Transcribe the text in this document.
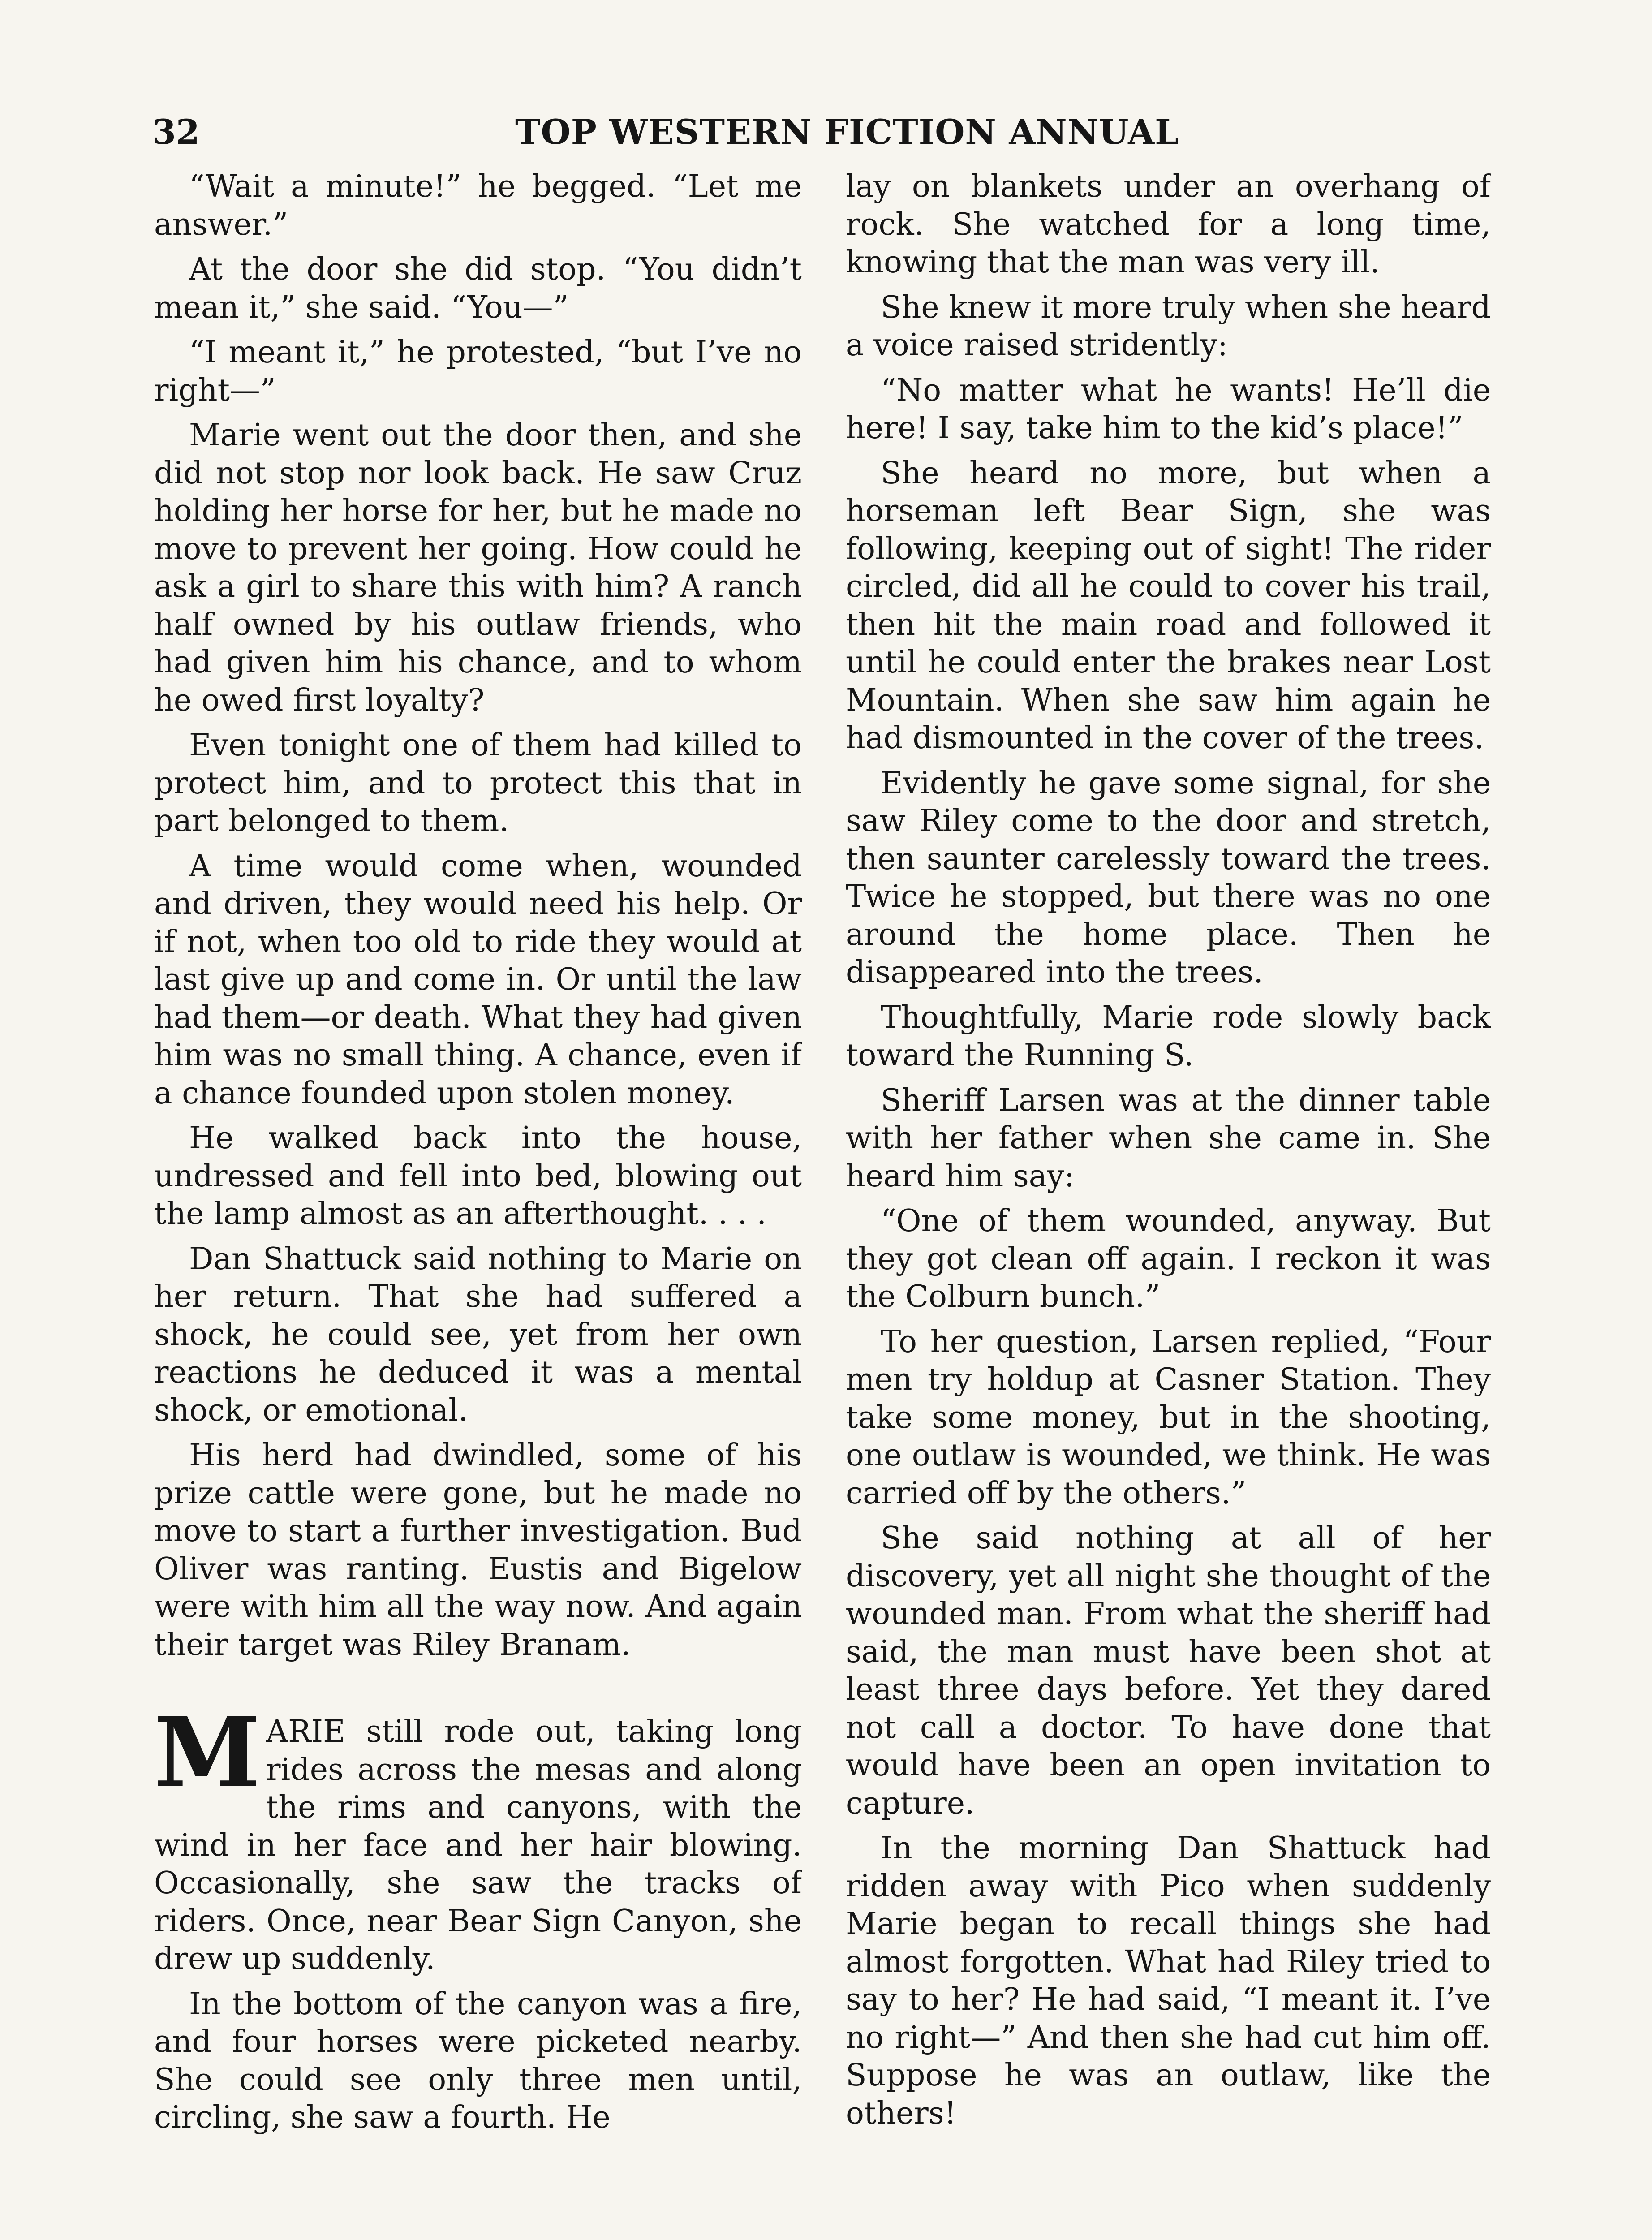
32	TOP WESTERN FICTION ANNUAL

“Wait a minute!” he begged. “Let me answer.”

At the door she did stop. “You didn’t mean it,” she said. “You—”

“I meant it,” he protested, “but I’ve no right—”

Marie went out the door then, and she did not stop nor look back. He saw Cruz holding her horse for her, but he made no move to prevent her going. How could he ask a girl to share this with him? A ranch half owned by his outlaw friends, who had given him his chance, and to whom he owed first loyalty?

Even tonight one of them had killed to protect him, and to protect this that in part belonged to them.

A time would come when, wounded and driven, they would need his help. Or if not, when too old to ride they would at last give up and come in. Or until the law had them—or death. What they had given him was no small thing. A chance, even if a chance founded upon stolen money.

He walked back into the house, undressed and fell into bed, blowing out the lamp almost as an afterthought. . . .

Dan Shattuck said nothing to Marie on her return. That she had suffered a shock, he could see, yet from her own reactions he deduced it was a mental shock, or emotional.

His herd had dwindled, some of his prize cattle were gone, but he made no move to start a further investigation. Bud Oliver was ranting. Eustis and Bigelow were with him all the way now. And again their target was Riley Branam.

MARIE still rode out, taking long rides across the mesas and along the rims and canyons, with the wind in her face and her hair blowing. Occasionally, she saw the tracks of riders. Once, near Bear Sign Canyon, she drew up suddenly.

In the bottom of the canyon was a fire, and four horses were picketed nearby. She could see only three men until, circling, she saw a fourth. He

lay on blankets under an overhang of rock. She watched for a long time, knowing that the man was very ill.

She knew it more truly when she heard a voice raised stridently:

“No matter what he wants! He’ll die here! I say, take him to the kid’s place!”

She heard no more, but when a horseman left Bear Sign, she was following, keeping out of sight! The rider circled, did all he could to cover his trail, then hit the main road and followed it until he could enter the brakes near Lost Mountain. When she saw him again he had dismounted in the cover of the trees.

Evidently he gave some signal, for she saw Riley come to the door and stretch, then saunter carelessly toward the trees. Twice he stopped, but there was no one around the home place. Then he disappeared into the trees.

Thoughtfully, Marie rode slowly back toward the Running S.

Sheriff Larsen was at the dinner table with her father when she came in. She heard him say:

“One of them wounded, anyway. But they got clean off again. I reckon it was the Colburn bunch.”

To her question, Larsen replied, “Four men try holdup at Casner Station. They take some money, but in the shooting, one outlaw is wounded, we think. He was carried off by the others.”

She said nothing at all of her discovery, yet all night she thought of the wounded man. From what the sheriff had said, the man must have been shot at least three days before. Yet they dared not call a doctor. To have done that would have been an open invitation to capture.

In the morning Dan Shattuck had ridden away with Pico when suddenly Marie began to recall things she had almost forgotten. What had Riley tried to say to her? He had said, “I meant it. I’ve no right—” And then she had cut him off. Suppose he was an outlaw, like the others!
